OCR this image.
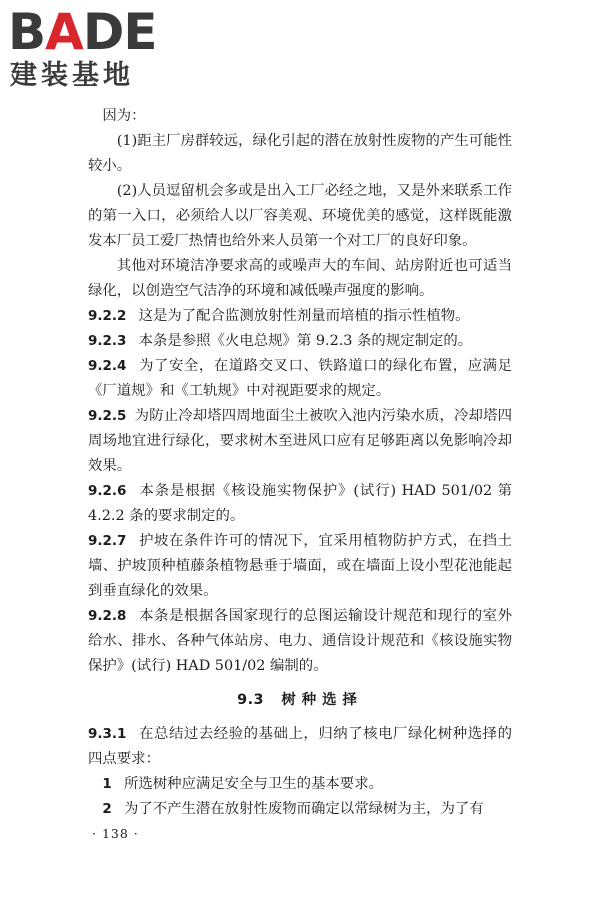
BADE
建装基地

因为：

(1)距主厂房群较远，绿化引起的潜在放射性废物的产生可能性较小。

(2)人员逗留机会多或是出入工厂必经之地，又是外来联系工作的第一入口，必须给人以厂容美观、环境优美的感觉，这样既能激发本厂员工爱厂热情也给外来人员第一个对工厂的良好印象。

其他对环境洁净要求高的或噪声大的车间、站房附近也可适当绿化，以创造空气洁净的环境和减低噪声强度的影响。

9.2.2 这是为了配合监测放射性剂量而培植的指示性植物。

9.2.3 本条是参照《火电总规》第 9.2.3 条的规定制定的。

9.2.4 为了安全，在道路交叉口、铁路道口的绿化布置，应满足《厂道规》和《工轨规》中对视距要求的规定。

9.2.5 为防止冷却塔四周地面尘土被吹入池内污染水质，冷却塔四周场地宜进行绿化，要求树木至进风口应有足够距离以免影响冷却效果。

9.2.6 本条是根据《核设施实物保护》(试行) HAD 501/02 第 4.2.2 条的要求制定的。

9.2.7 护坡在条件许可的情况下，宜采用植物防护方式，在挡土墙、护坡顶种植藤条植物悬垂于墙面，或在墙面上设小型花池能起到垂直绿化的效果。

9.2.8 本条是根据各国家现行的总图运输设计规范和现行的室外给水、排水、各种气体站房、电力、通信设计规范和《核设施实物保护》(试行) HAD 501/02 编制的。

9.3 树种选择

9.3.1 在总结过去经验的基础上，归纳了核电厂绿化树种选择的四点要求：

1 所选树种应满足安全与卫生的基本要求。

2 为了不产生潜在放射性废物而确定以常绿树为主，为了有

· 138 ·
